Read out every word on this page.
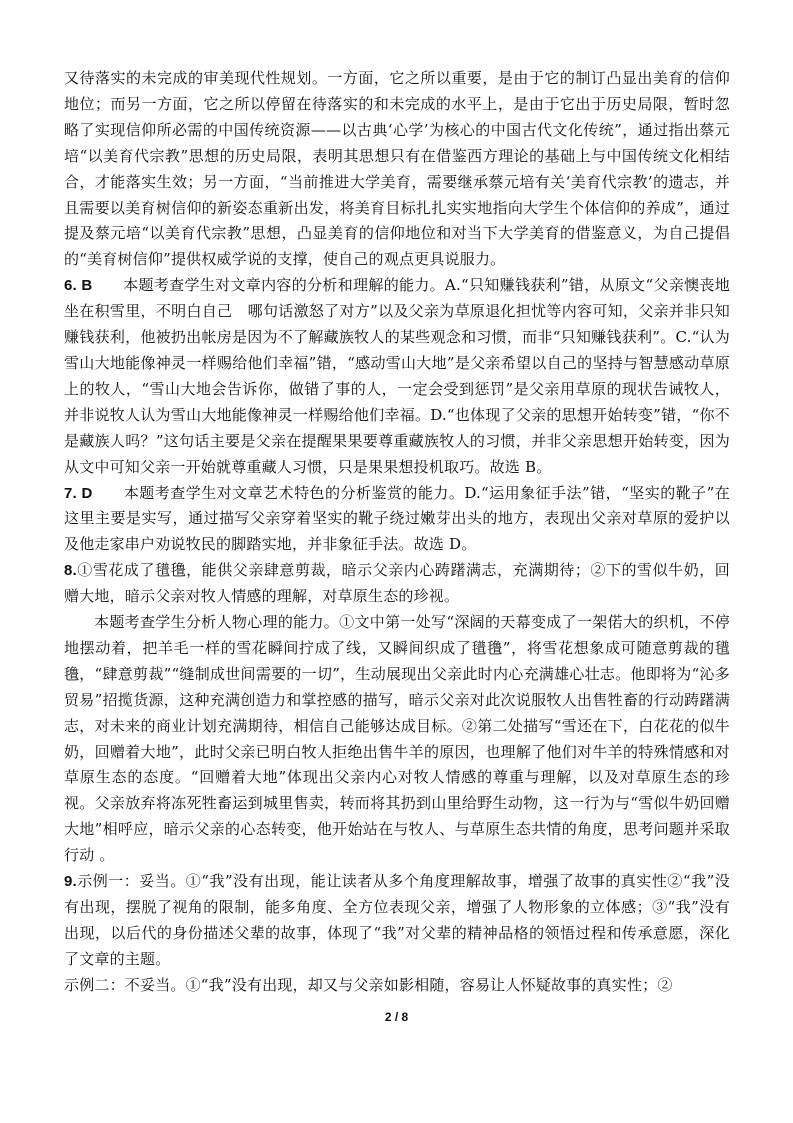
又待落实的未完成的审美现代性规划。一方面，它之所以重要，是由于它的制订凸显出美育的信仰地位；而另一方面，它之所以停留在待落实的和未完成的水平上，是由于它出于历史局限，暂时忽略了实现信仰所必需的中国传统资源——以古典‘心学’为核心的中国古代文化传统”，通过指出蔡元培“以美育代宗教”思想的历史局限，表明其思想只有在借鉴西方理论的基础上与中国传统文化相结合，才能落实生效；另一方面，“当前推进大学美育，需要继承蔡元培有关‘美育代宗教’的遗志，并且需要以美育树信仰的新姿态重新出发，将美育目标扎扎实实地指向大学生个体信仰的养成”，通过提及蔡元培“以美育代宗教”思想，凸显美育的信仰地位和对当下大学美育的借鉴意义，为自己提倡的“美育树信仰”提供权威学说的支撑，使自己的观点更具说服力。

6. B　　本题考查学生对文章内容的分析和理解的能力。A.“只知赚钱获利”错，从原文“父亲懊丧地坐在积雪里，不明白自己　哪句话激怒了对方”以及父亲为草原退化担忧等内容可知，父亲并非只知赚钱获利，他被扔出帐房是因为不了解藏族牧人的某些观念和习惯，而非“只知赚钱获利”。C.“认为雪山大地能像神灵一样赐给他们幸福”错，“感动雪山大地”是父亲希望以自己的坚持与智慧感动草原上的牧人，“雪山大地会告诉你，做错了事的人，一定会受到惩罚”是父亲用草原的现状告诫牧人，并非说牧人认为雪山大地能像神灵一样赐给他们幸福。D.“也体现了父亲的思想开始转变”错，“你不是藏族人吗？”这句话主要是父亲在提醒果果要尊重藏族牧人的习惯，并非父亲思想开始转变，因为从文中可知父亲一开始就尊重藏人习惯，只是果果想投机取巧。故选 B。

7. D　　本题考查学生对文章艺术特色的分析鉴赏的能力。D.“运用象征手法”错，“坚实的靴子”在这里主要是实写，通过描写父亲穿着坚实的靴子绕过嫩芽出头的地方，表现出父亲对草原的爱护以及他走家串户劝说牧民的脚踏实地，并非象征手法。故选 D。

8.①雪花成了氆氇，能供父亲肆意剪裁，暗示父亲内心踌躇满志，充满期待；②下的雪似牛奶，回赠大地，暗示父亲对牧人情感的理解，对草原生态的珍视。

本题考查学生分析人物心理的能力。①文中第一处写“深阔的天幕变成了一架偌大的织机，不停地摆动着，把羊毛一样的雪花瞬间拧成了线，又瞬间织成了氆氇”，将雪花想象成可随意剪裁的氆氇，“肆意剪裁”“缝制成世间需要的一切”，生动展现出父亲此时内心充满雄心壮志。他即将为“沁多贸易”招揽货源，这种充满创造力和掌控感的描写，暗示父亲对此次说服牧人出售牲畜的行动踌躇满志，对未来的商业计划充满期待，相信自己能够达成目标。②第二处描写“雪还在下，白花花的似牛奶，回赠着大地”，此时父亲已明白牧人拒绝出售牛羊的原因，也理解了他们对牛羊的特殊情感和对草原生态的态度。“回赠着大地”体现出父亲内心对牧人情感的尊重与理解，以及对草原生态的珍视。父亲放弃将冻死牲畜运到城里售卖，转而将其扔到山里给野生动物，这一行为与“雪似牛奶回赠大地”相呼应，暗示父亲的心态转变，他开始站在与牧人、与草原生态共情的角度，思考问题并采取行动 。

9.示例一：妥当。①“我”没有出现，能让读者从多个角度理解故事，增强了故事的真实性②“我”没有出现，摆脱了视角的限制，能多角度、全方位表现父亲，增强了人物形象的立体感；③“我”没有出现，以后代的身份描述父辈的故事，体现了“我”对父辈的精神品格的领悟过程和传承意愿，深化了文章的主题。

示例二：不妥当。①“我”没有出现，却又与父亲如影相随，容易让人怀疑故事的真实性；②

2 / 8
